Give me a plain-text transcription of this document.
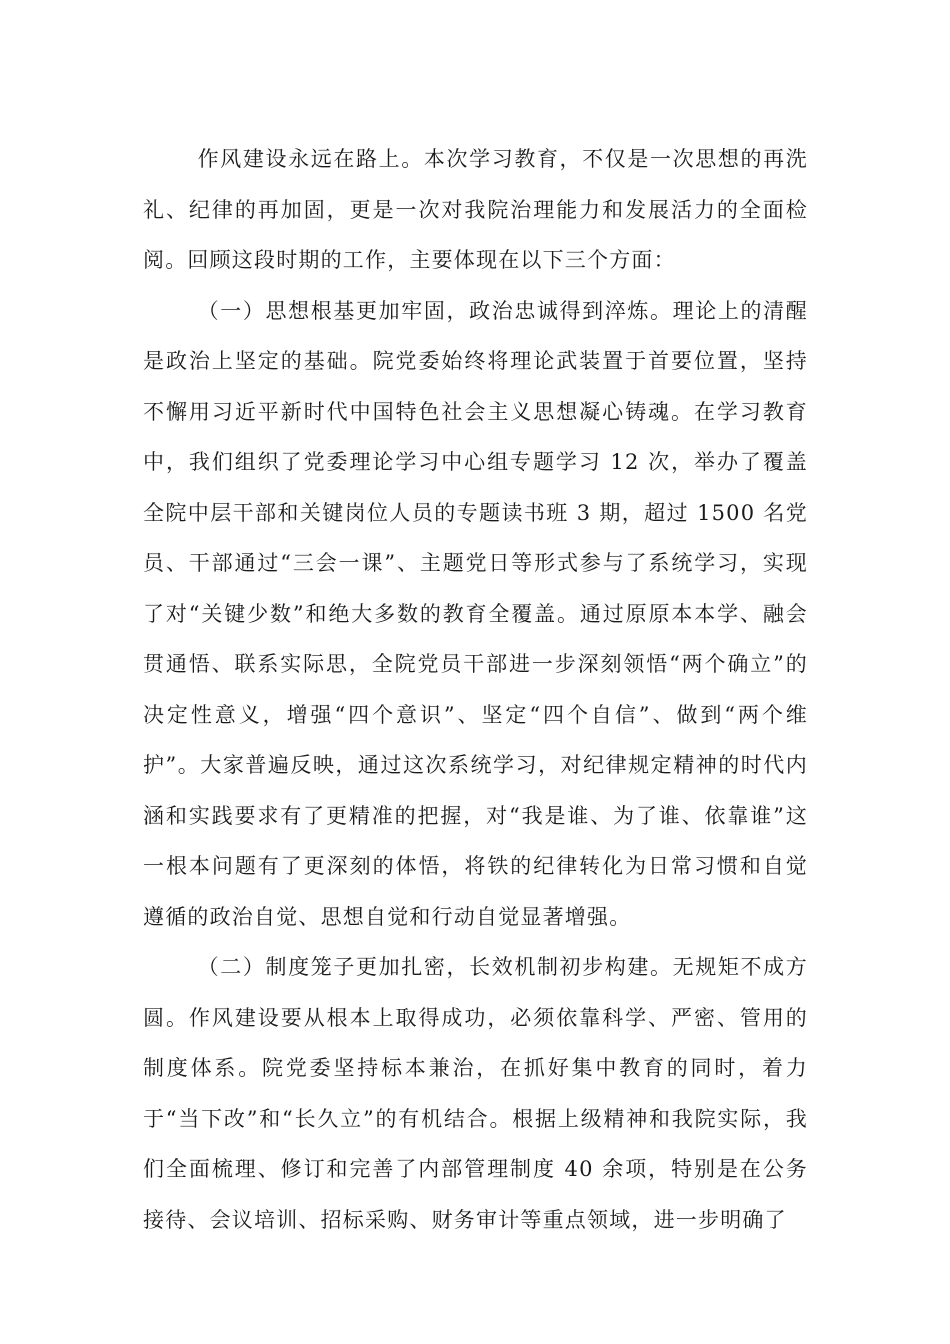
作风建设永远在路上。本次学习教育，不仅是一次思想的再洗礼、纪律的再加固，更是一次对我院治理能力和发展活力的全面检阅。回顾这段时期的工作，主要体现在以下三个方面：

（一）思想根基更加牢固，政治忠诚得到淬炼。理论上的清醒是政治上坚定的基础。院党委始终将理论武装置于首要位置，坚持不懈用习近平新时代中国特色社会主义思想凝心铸魂。在学习教育中，我们组织了党委理论学习中心组专题学习 12 次，举办了覆盖全院中层干部和关键岗位人员的专题读书班 3 期，超过 1500 名党员、干部通过“三会一课”、主题党日等形式参与了系统学习，实现了对“关键少数”和绝大多数的教育全覆盖。通过原原本本学、融会贯通悟、联系实际思，全院党员干部进一步深刻领悟“两个确立”的决定性意义，增强“四个意识”、坚定“四个自信”、做到“两个维护”。大家普遍反映，通过这次系统学习，对纪律规定精神的时代内涵和实践要求有了更精准的把握，对“我是谁、为了谁、依靠谁”这一根本问题有了更深刻的体悟，将铁的纪律转化为日常习惯和自觉遵循的政治自觉、思想自觉和行动自觉显著增强。

（二）制度笼子更加扎密，长效机制初步构建。无规矩不成方圆。作风建设要从根本上取得成功，必须依靠科学、严密、管用的制度体系。院党委坚持标本兼治，在抓好集中教育的同时，着力于“当下改”和“长久立”的有机结合。根据上级精神和我院实际，我们全面梳理、修订和完善了内部管理制度 40 余项，特别是在公务接待、会议培训、招标采购、财务审计等重点领域，进一步明确了
